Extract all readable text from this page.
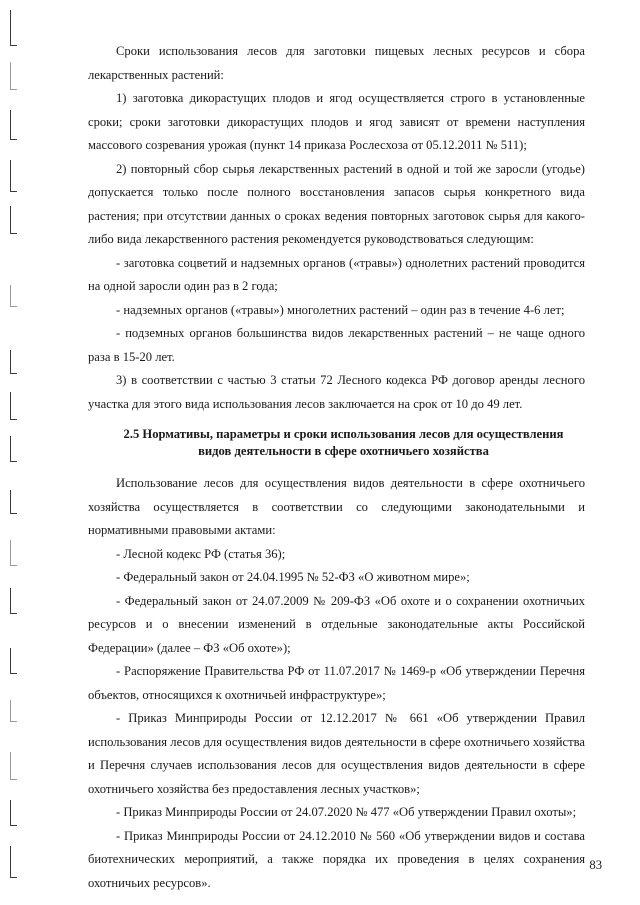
Сроки использования лесов для заготовки пищевых лесных ресурсов и сбора лекарственных растений:

1) заготовка дикорастущих плодов и ягод осуществляется строго в установленные сроки; сроки заготовки дикорастущих плодов и ягод зависят от времени наступления массового созревания урожая (пункт 14 приказа Рослесхоза от 05.12.2011 № 511);

2) повторный сбор сырья лекарственных растений в одной и той же заросли (угодье) допускается только после полного восстановления запасов сырья конкретного вида растения; при отсутствии данных о сроках ведения повторных заготовок сырья для какого-либо вида лекарственного растения рекомендуется руководствоваться следующим:

- заготовка соцветий и надземных органов («травы») однолетних растений проводится на одной заросли один раз в 2 года;

- надземных органов («травы») многолетних растений – один раз в течение 4-6 лет;

- подземных органов большинства видов лекарственных растений – не чаще одного раза в 15-20 лет.

3) в соответствии с частью 3 статьи 72 Лесного кодекса РФ договор аренды лесного участка для этого вида использования лесов заключается на срок от 10 до 49 лет.

2.5 Нормативы, параметры и сроки использования лесов для осуществления
видов деятельности в сфере охотничьего хозяйства

Использование лесов для осуществления видов деятельности в сфере охотничьего хозяйства осуществляется в соответствии со следующими законодательными и нормативными правовыми актами:

- Лесной кодекс РФ (статья 36);

- Федеральный закон от 24.04.1995 № 52-ФЗ «О животном мире»;

- Федеральный закон от 24.07.2009 № 209-ФЗ «Об охоте и о сохранении охотничьих ресурсов и о внесении изменений в отдельные законодательные акты Российской Федерации» (далее – ФЗ «Об охоте»);

- Распоряжение Правительства РФ от 11.07.2017 № 1469-р «Об утверждении Перечня объектов, относящихся к охотничьей инфраструктуре»;

- Приказ Минприроды России от 12.12.2017 № 661 «Об утверждении Правил использования лесов для осуществления видов деятельности в сфере охотничьего хозяйства и Перечня случаев использования лесов для осуществления видов деятельности в сфере охотничьего хозяйства без предоставления лесных участков»;

- Приказ Минприроды России от 24.07.2020 № 477 «Об утверждении Правил охоты»;

- Приказ Минприроды России от 24.12.2010 № 560 «Об утверждении видов и состава биотехнических мероприятий, а также порядка их проведения в целях сохранения охотничьих ресурсов».

83
